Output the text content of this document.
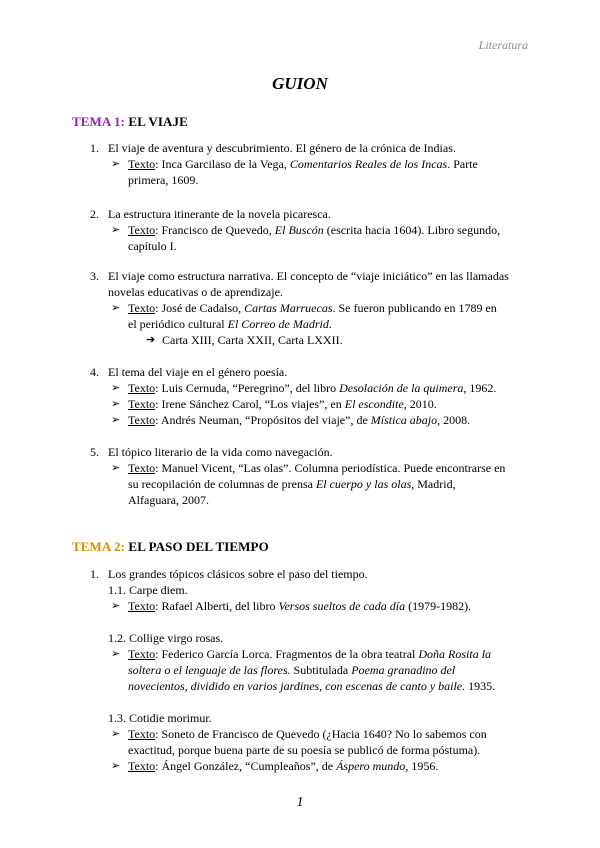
Literatura
GUION
TEMA 1: EL VIAJE
1. El viaje de aventura y descubrimiento. El género de la crónica de Indias.
➢ Texto: Inca Garcilaso de la Vega, Comentarios Reales de los Incas. Parte
primera, 1609.
2. La estructura itinerante de la novela picaresca.
➢ Texto: Francisco de Quevedo, El Buscón (escrita hacia 1604). Libro segundo,
capítulo I.
3. El viaje como estructura narrativa. El concepto de “viaje iniciático” en las llamadas
novelas educativas o de aprendizaje.
➢ Texto: José de Cadalso, Cartas Marruecas. Se fueron publicando en 1789 en
el periódico cultural El Correo de Madrid.
➔ Carta XIII, Carta XXII, Carta LXXII.
4. El tema del viaje en el género poesía.
➢ Texto: Luis Cernuda, “Peregrino”, del libro Desolación de la quimera, 1962.
➢ Texto: Irene Sánchez Carol, “Los viajes”, en El escondite, 2010.
➢ Texto: Andrés Neuman, “Propósitos del viaje”, de Mística abajo, 2008.
5. El tópico literario de la vida como navegación.
➢ Texto: Manuel Vicent, “Las olas”. Columna periodística. Puede encontrarse en
su recopilación de columnas de prensa El cuerpo y las olas, Madrid,
Alfaguara, 2007.
TEMA 2: EL PASO DEL TIEMPO
1. Los grandes tópicos clásicos sobre el paso del tiempo.
1.1. Carpe diem.
➢ Texto: Rafael Alberti, del libro Versos sueltos de cada día (1979-1982).
1.2. Collige virgo rosas.
➢ Texto: Federico García Lorca. Fragmentos de la obra teatral Doña Rosita la
soltera o el lenguaje de las flores. Subtitulada Poema granadino del
novecientos, dividido en varios jardines, con escenas de canto y baile. 1935.
1.3. Cotidie morimur.
➢ Texto: Soneto de Francisco de Quevedo (¿Hacia 1640? No lo sabemos con
exactitud, porque buena parte de su poesía se publicó de forma póstuma).
➢ Texto: Ángel González, “Cumpleaños”, de Áspero mundo, 1956.
1
